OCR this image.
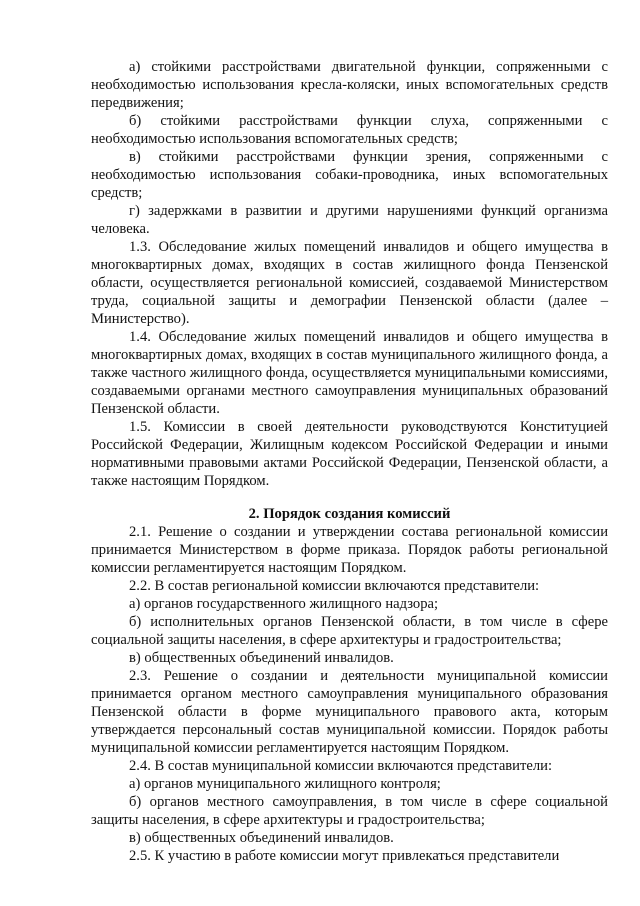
а) стойкими расстройствами двигательной функции, сопряженными с необходимостью использования кресла-коляски, иных вспомогательных средств передвижения;

б) стойкими расстройствами функции слуха, сопряженными с необходимостью использования вспомогательных средств;

в) стойкими расстройствами функции зрения, сопряженными с необходимостью использования собаки-проводника, иных вспомогательных средств;

г) задержками в развитии и другими нарушениями функций организма человека.

1.3. Обследование жилых помещений инвалидов и общего имущества в многоквартирных домах, входящих в состав жилищного фонда Пензенской области, осуществляется региональной комиссией, создаваемой Министерством труда, социальной защиты и демографии Пензенской области (далее – Министерство).

1.4. Обследование жилых помещений инвалидов и общего имущества в многоквартирных домах, входящих в состав муниципального жилищного фонда, а также частного жилищного фонда, осуществляется муниципальными комиссиями, создаваемыми органами местного самоуправления муниципальных образований Пензенской области.

1.5. Комиссии в своей деятельности руководствуются Конституцией Российской Федерации, Жилищным кодексом Российской Федерации и иными нормативными правовыми актами Российской Федерации, Пензенской области, а также настоящим Порядком.

2. Порядок создания комиссий

2.1. Решение о создании и утверждении состава региональной комиссии принимается Министерством в форме приказа. Порядок работы региональной комиссии регламентируется настоящим Порядком.

2.2. В состав региональной комиссии включаются представители:

а) органов государственного жилищного надзора;

б) исполнительных органов Пензенской области, в том числе в сфере социальной защиты населения, в сфере архитектуры и градостроительства;

в) общественных объединений инвалидов.

2.3. Решение о создании и деятельности муниципальной комиссии принимается органом местного самоуправления муниципального образования Пензенской области в форме муниципального правового акта, которым утверждается персональный состав муниципальной комиссии. Порядок работы муниципальной комиссии регламентируется настоящим Порядком.

2.4. В состав муниципальной комиссии включаются представители:

а) органов муниципального жилищного контроля;

б) органов местного самоуправления, в том числе в сфере социальной защиты населения, в сфере архитектуры и градостроительства;

в) общественных объединений инвалидов.

2.5. К участию в работе комиссии могут привлекаться представители
